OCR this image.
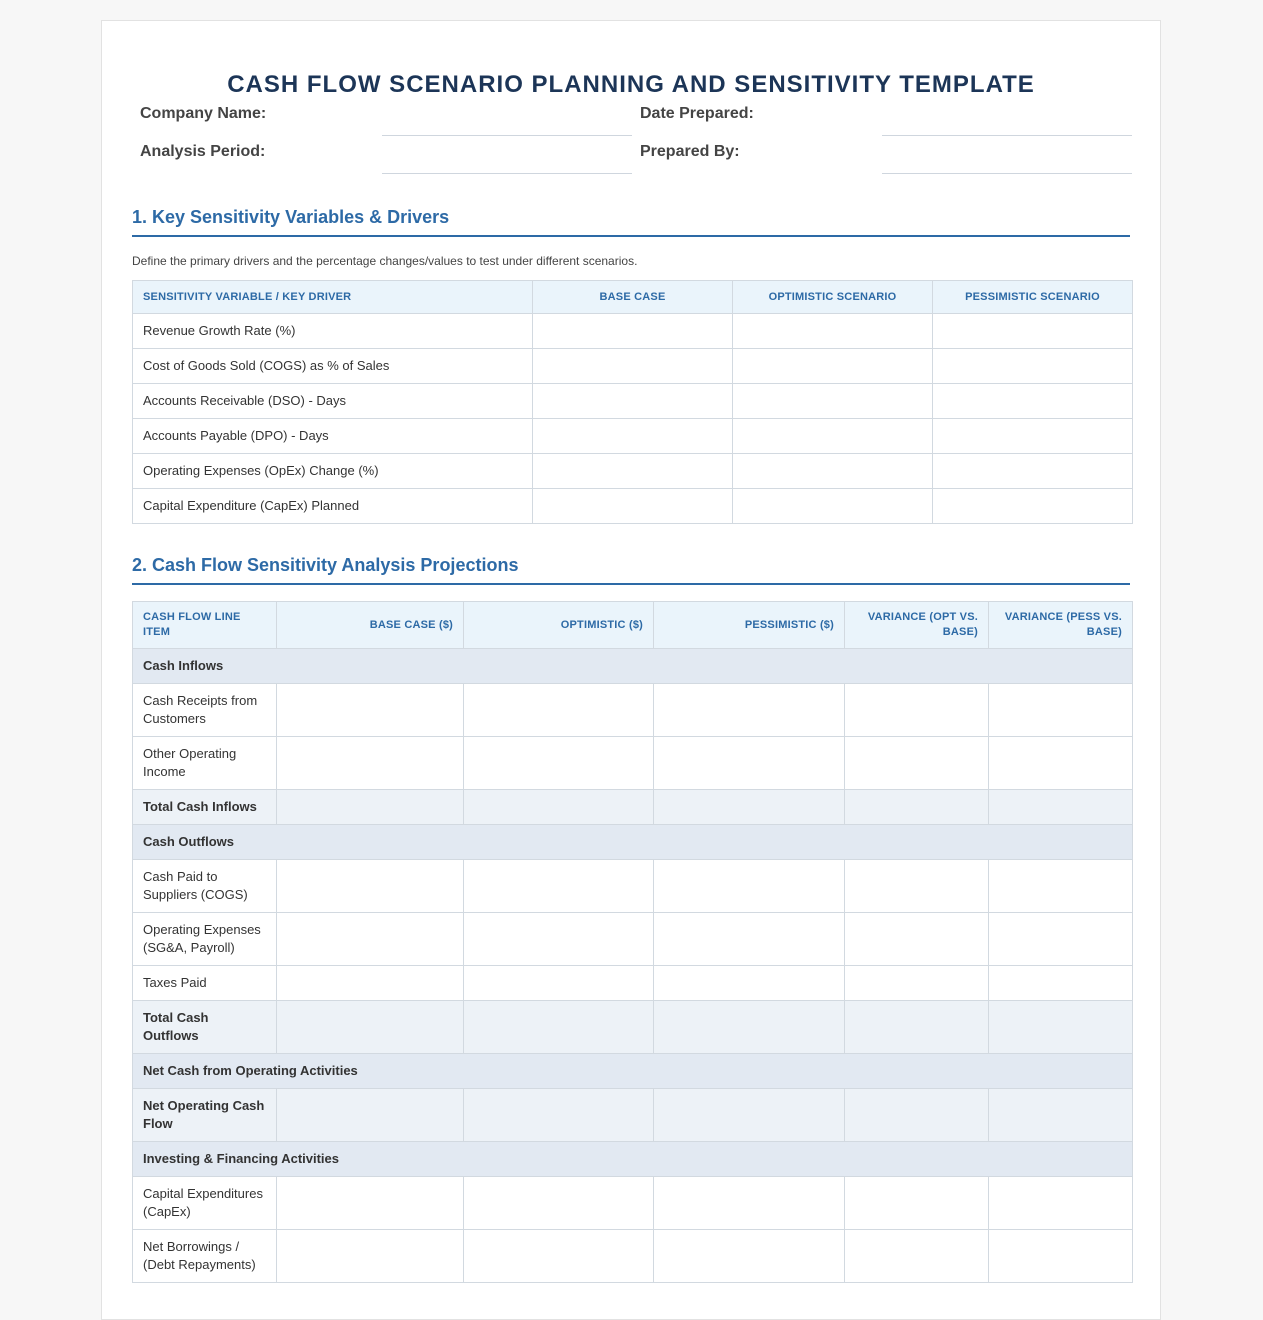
CASH FLOW SCENARIO PLANNING AND SENSITIVITY TEMPLATE
Company Name:	Date Prepared:
Analysis Period:	Prepared By:
1. Key Sensitivity Variables & Drivers
Define the primary drivers and the percentage changes/values to test under different scenarios.
SENSITIVITY VARIABLE / KEY DRIVER	BASE CASE	OPTIMISTIC SCENARIO	PESSIMISTIC SCENARIO
Revenue Growth Rate (%)			
Cost of Goods Sold (COGS) as % of Sales			
Accounts Receivable (DSO) - Days			
Accounts Payable (DPO) - Days			
Operating Expenses (OpEx) Change (%)			
Capital Expenditure (CapEx) Planned			
2. Cash Flow Sensitivity Analysis Projections
CASH FLOW LINE ITEM	BASE CASE ($)	OPTIMISTIC ($)	PESSIMISTIC ($)	VARIANCE (OPT VS. BASE)	VARIANCE (PESS VS. BASE)
Cash Inflows					
Cash Receipts from Customers					
Other Operating Income					
Total Cash Inflows					
Cash Outflows					
Cash Paid to Suppliers (COGS)					
Operating Expenses (SG&A, Payroll)					
Taxes Paid					
Total Cash Outflows					
Net Cash from Operating Activities					
Net Operating Cash Flow					
Investing & Financing Activities					
Capital Expenditures (CapEx)					
Net Borrowings / (Debt Repayments)					
